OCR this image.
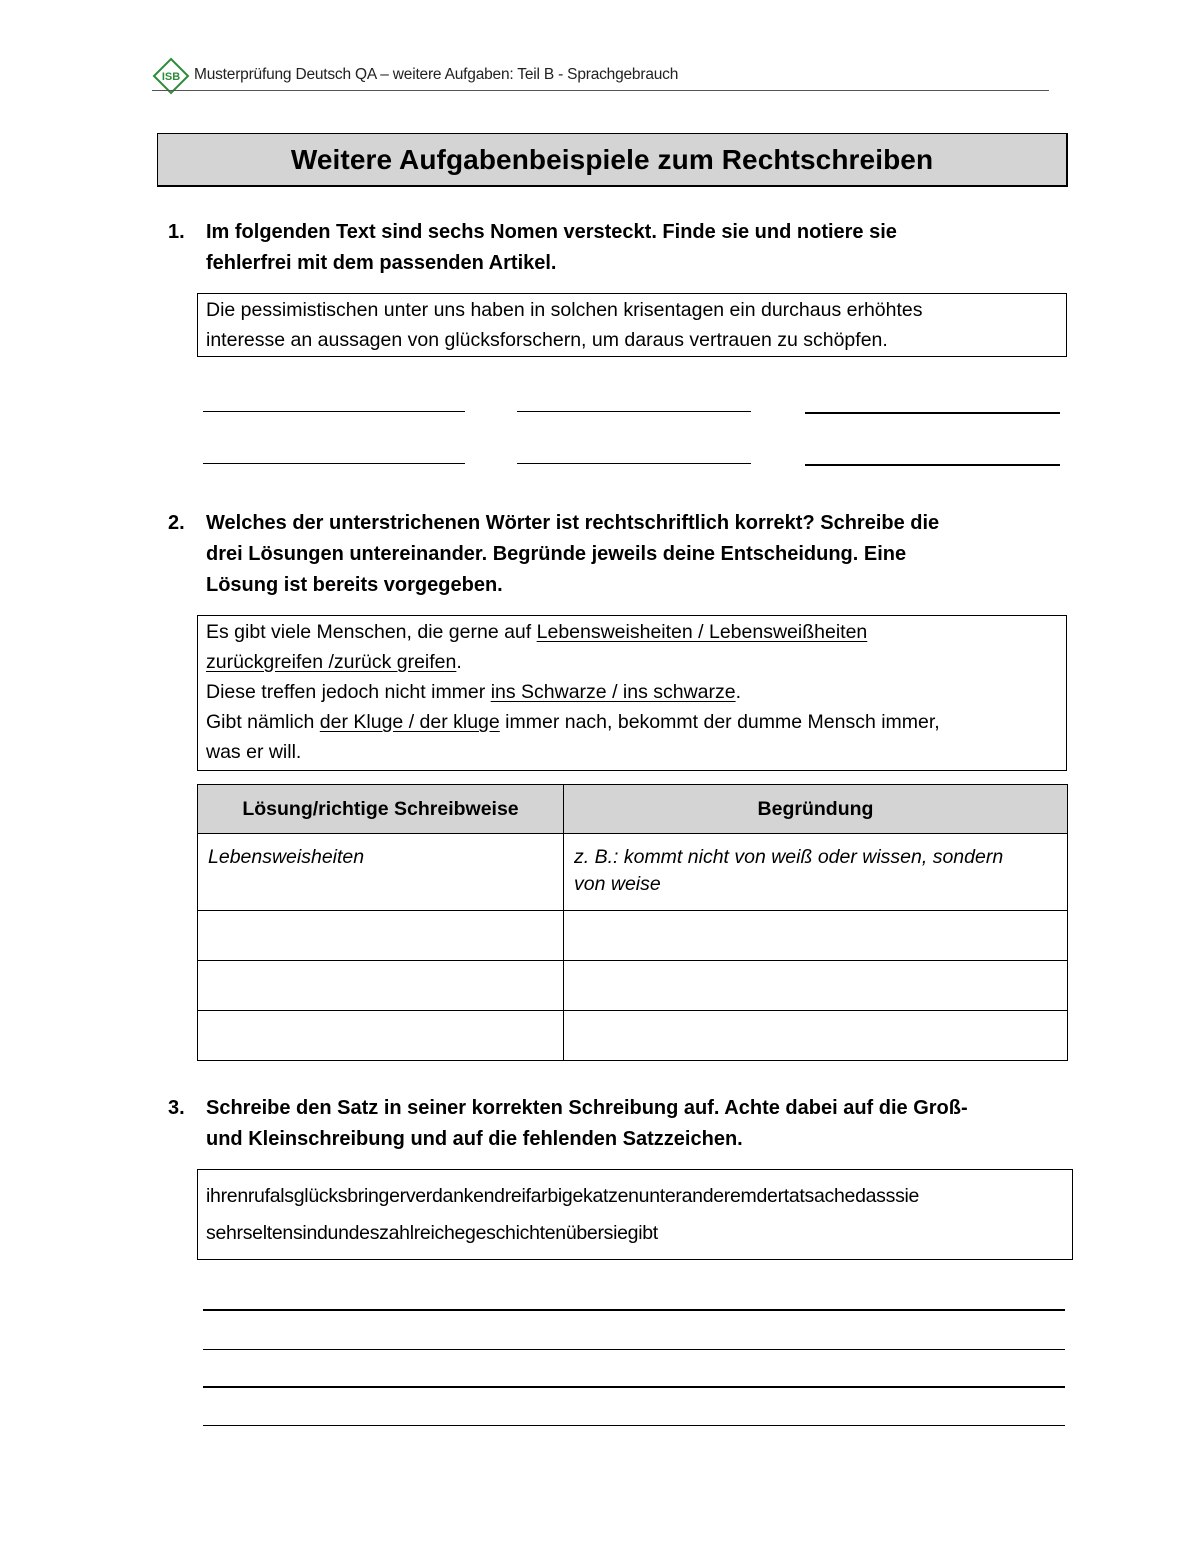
ISB Musterprüfung Deutsch QA – weitere Aufgaben: Teil B - Sprachgebrauch
Weitere Aufgabenbeispiele zum Rechtschreiben
1.	Im folgenden Text sind sechs Nomen versteckt. Finde sie und notiere sie
fehlerfrei mit dem passenden Artikel.
Die pessimistischen unter uns haben in solchen krisentagen ein durchaus erhöhtes
interesse an aussagen von glücksforschern, um daraus vertrauen zu schöpfen.
2.	Welches der unterstrichenen Wörter ist rechtschriftlich korrekt? Schreibe die
drei Lösungen untereinander. Begründe jeweils deine Entscheidung. Eine
Lösung ist bereits vorgegeben.
Es gibt viele Menschen, die gerne auf Lebensweisheiten / Lebensweißheiten
zurückgreifen /zurück greifen.
Diese treffen jedoch nicht immer ins Schwarze / ins schwarze.
Gibt nämlich der Kluge / der kluge immer nach, bekommt der dumme Mensch immer,
was er will.
Lösung/richtige Schreibweise	Begründung
Lebensweisheiten	z. B.: kommt nicht von weiß oder wissen, sondern
von weise

3.	Schreibe den Satz in seiner korrekten Schreibung auf. Achte dabei auf die Groß-
und Kleinschreibung und auf die fehlenden Satzzeichen.
ihrenrufalsglücksbringerverdankendreifarbigekatzenunteranderemdertatsachedasssie
sehrseltensindundeszahlreichegeschichtenübersiegibt
